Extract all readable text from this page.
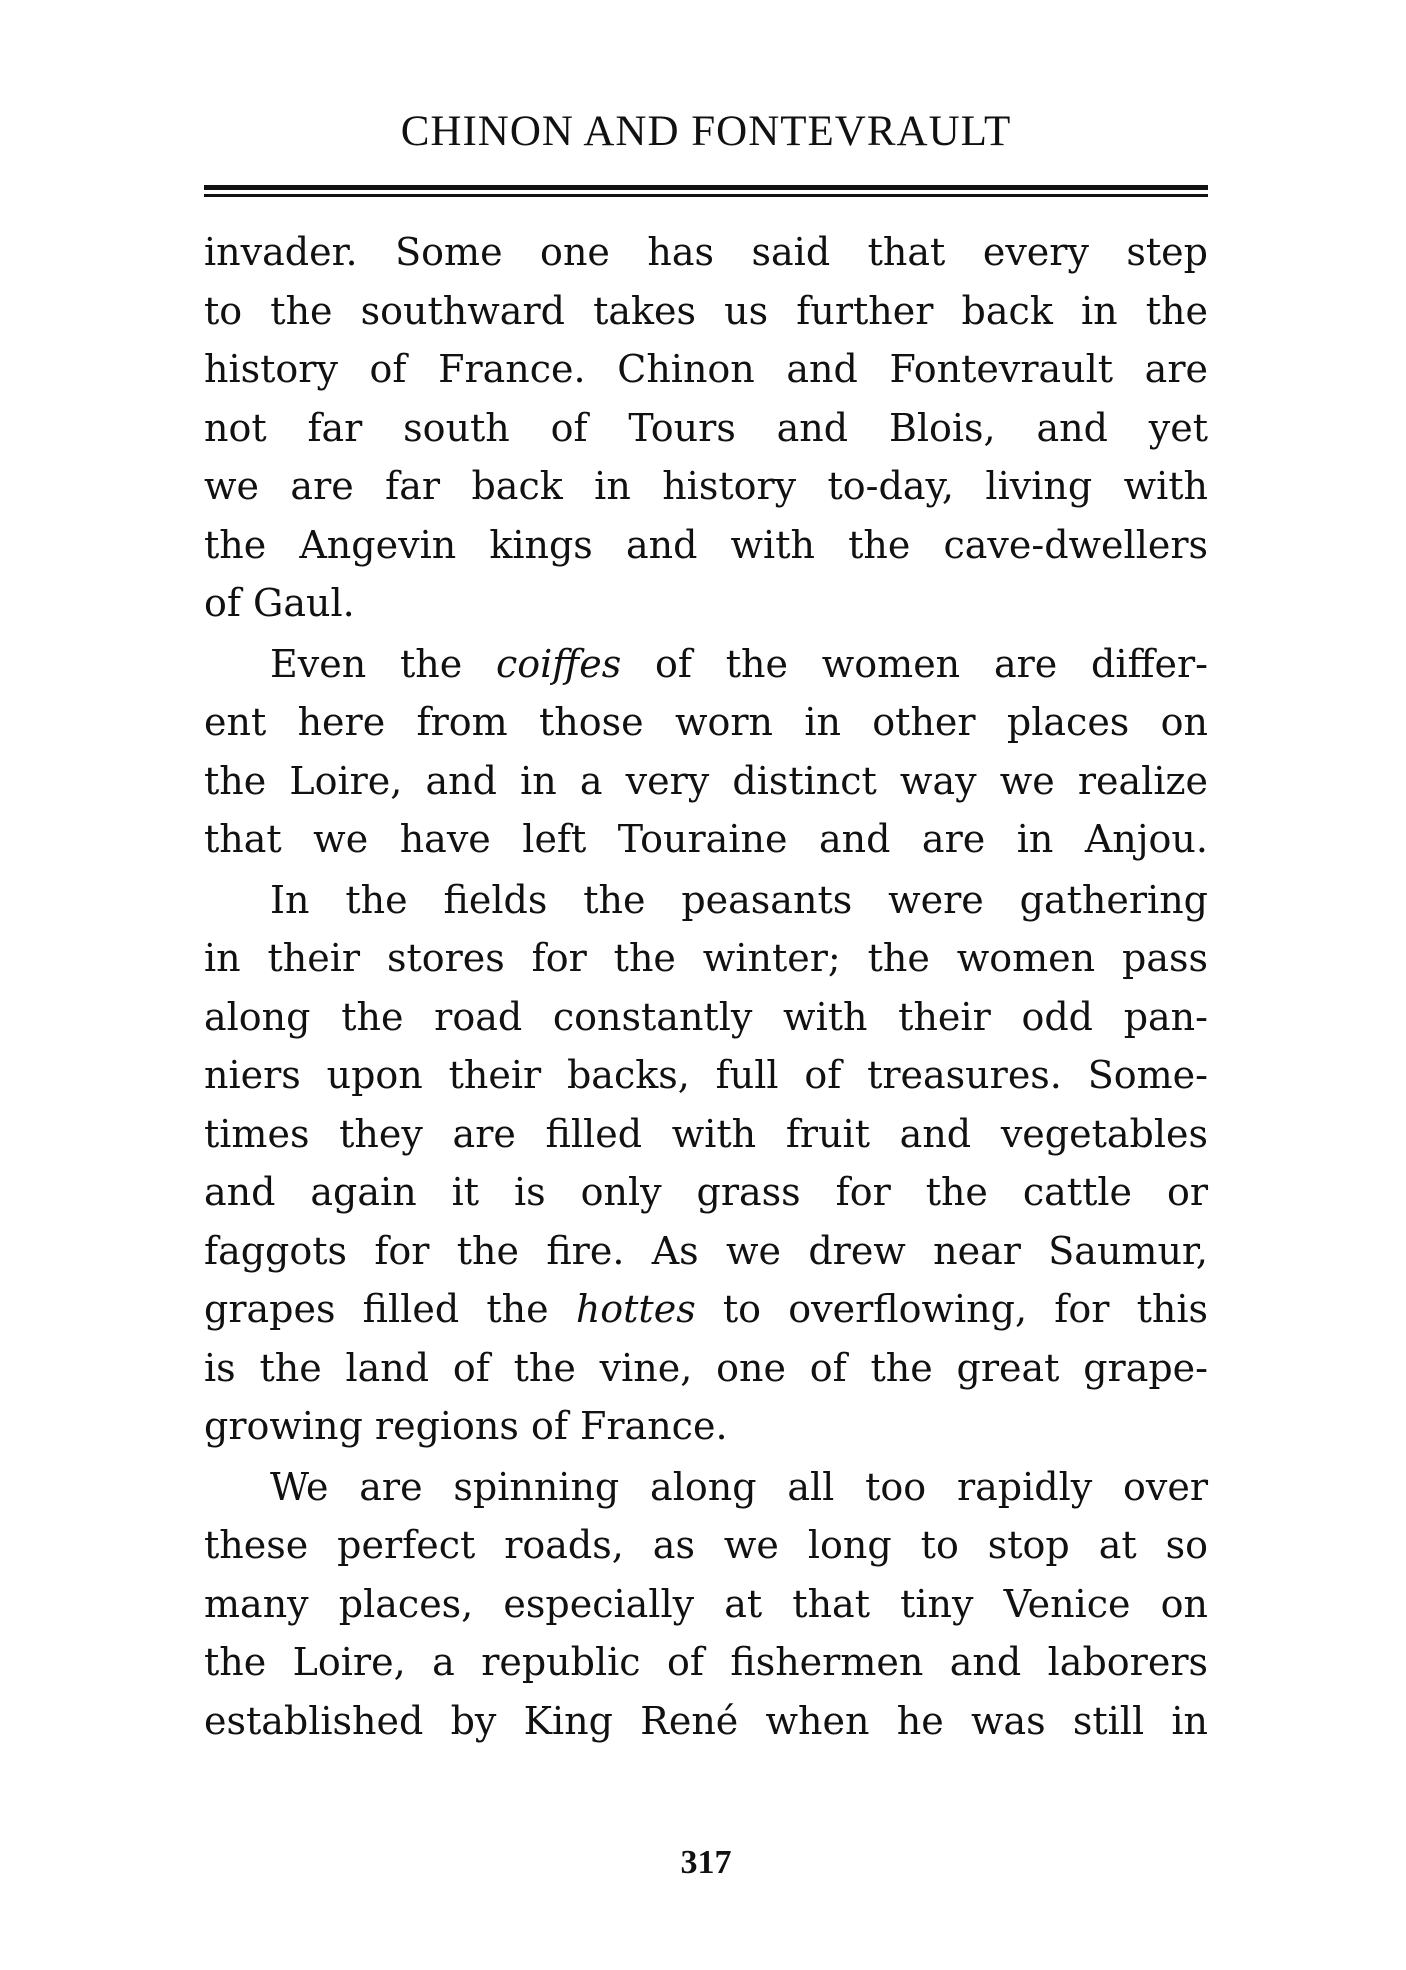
CHINON AND FONTEVRAULT
invader. Some one has said that every step
to the southward takes us further back in the
history of France. Chinon and Fontevrault are
not far south of Tours and Blois, and yet
we are far back in history to-day, living with
the Angevin kings and with the cave-dwellers
of Gaul.
Even the coiffes of the women are differ-
ent here from those worn in other places on
the Loire, and in a very distinct way we realize
that we have left Touraine and are in Anjou.
In the fields the peasants were gathering
in their stores for the winter; the women pass
along the road constantly with their odd pan-
niers upon their backs, full of treasures. Some-
times they are filled with fruit and vegetables
and again it is only grass for the cattle or
faggots for the fire. As we drew near Saumur,
grapes filled the hottes to overflowing, for this
is the land of the vine, one of the great grape-
growing regions of France.
We are spinning along all too rapidly over
these perfect roads, as we long to stop at so
many places, especially at that tiny Venice on
the Loire, a republic of fishermen and laborers
established by King René when he was still in
317
